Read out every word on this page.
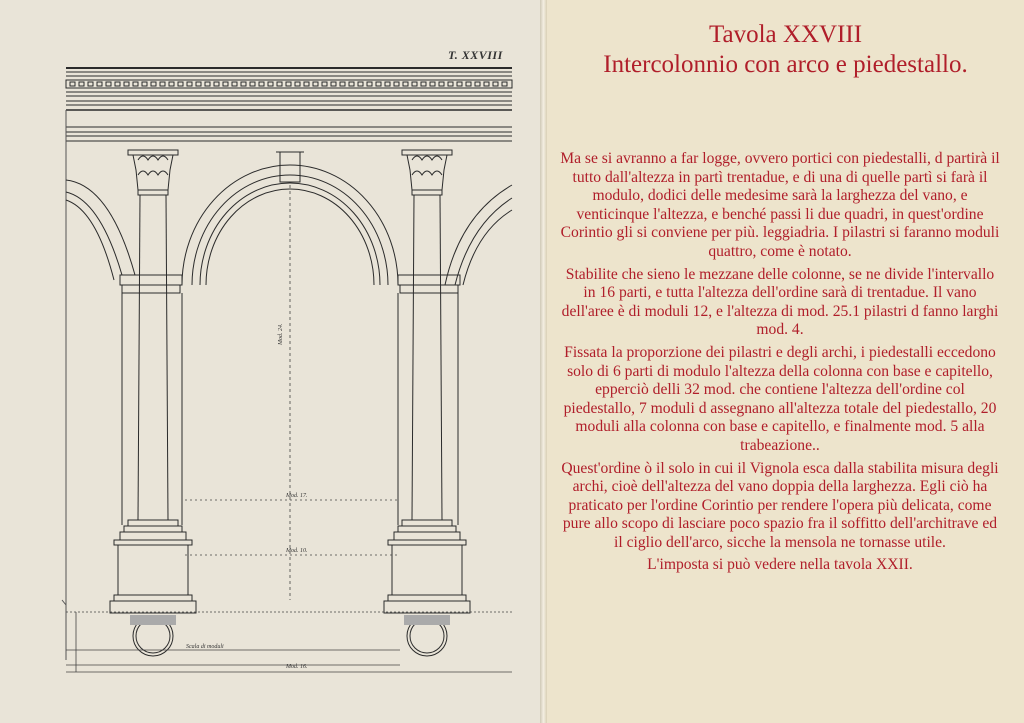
Mod. 17.
Mod. 10.
Mod. 16.
Mod. 24.
Scala di moduli
T. XXVIII
Tavola XXVIII
Intercolonnio con arco e piedestallo.

Ma se si avranno a far logge, ovvero portici con piedestalli, d partirà il tutto dall'altezza in partì trentadue, e di una di quelle partì si farà il modulo, dodici delle medesime sarà la larghezza del vano, e venticinque l'altezza, e benché passi li due quadri, in quest'ordine Corintio gli si conviene per più. leggiadria. I pilastri si faranno moduli quattro, come è notato.

Stabilite che sieno le mezzane delle colonne, se ne divide l'intervallo in 16 parti, e tutta l'altezza dell'ordine sarà di trentadue. Il vano dell'aree è di moduli 12, e l'altezza di mod. 25.1 pilastri d fanno larghi mod. 4.

Fissata la proporzione dei pilastri e degli archi, i piedestalli eccedono solo di 6 parti di modulo l'altezza della colonna con base e capitello, epperciò delli 32 mod. che contiene l'altezza dell'ordine col piedestallo, 7 moduli d assegnano all'altezza totale del piedestallo, 20 moduli alla colonna con base e capitello, e finalmente mod. 5 alla trabeazione..

Quest'ordine ò il solo in cui il Vignola esca dalla stabilita misura degli archi, cioè dell'altezza del vano doppia della larghezza. Egli ciò ha praticato per l'ordine Corintio per rendere l'opera più delicata, come pure allo scopo di lasciare poco spazio fra il soffitto dell'architrave ed il ciglio dell'arco, sicche la mensola ne tornasse utile.

L'imposta si può vedere nella tavola XXII.
